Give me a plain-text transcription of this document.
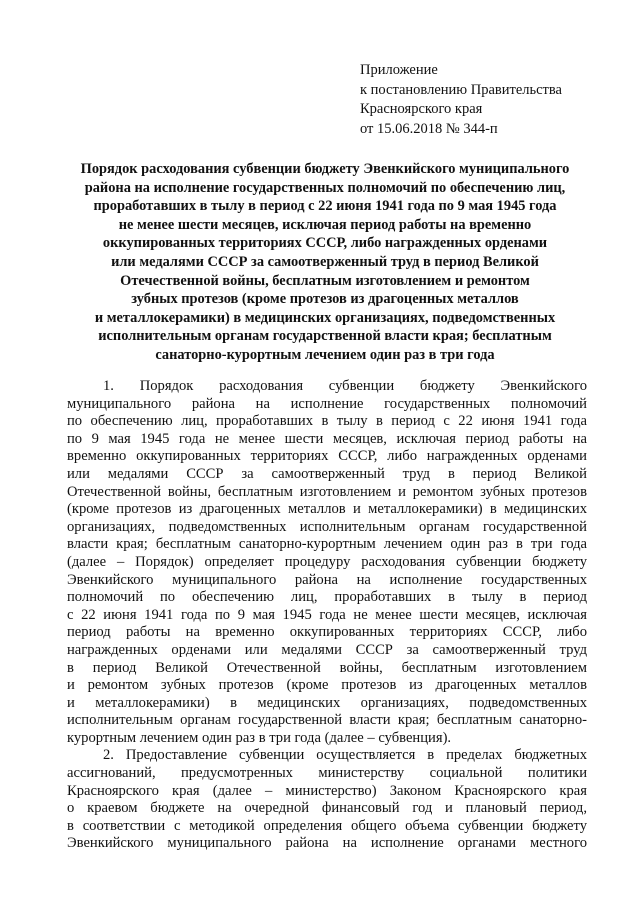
Приложение
к постановлению Правительства
Красноярского края
от 15.06.2018 № 344-п
Порядок расходования субвенции бюджету Эвенкийского муниципального
района на исполнение государственных полномочий по обеспечению лиц,
проработавших в тылу в период с 22 июня 1941 года по 9 мая 1945 года
не менее шести месяцев, исключая период работы на временно
оккупированных территориях СССР, либо награжденных орденами
или медалями СССР за самоотверженный труд в период Великой
Отечественной войны, бесплатным изготовлением и ремонтом
зубных протезов (кроме протезов из драгоценных металлов
и металлокерамики) в медицинских организациях, подведомственных
исполнительным органам государственной власти края; бесплатным
санаторно-курортным лечением один раз в три года
1. Порядок расходования субвенции бюджету Эвенкийского
муниципального района на исполнение государственных полномочий
по обеспечению лиц, проработавших в тылу в период с 22 июня 1941 года
по 9 мая 1945 года не менее шести месяцев, исключая период работы на
временно оккупированных территориях СССР, либо награжденных орденами
или медалями СССР за самоотверженный труд в период Великой
Отечественной войны, бесплатным изготовлением и ремонтом зубных протезов
(кроме протезов из драгоценных металлов и металлокерамики) в медицинских
организациях, подведомственных исполнительным органам государственной
власти края; бесплатным санаторно-курортным лечением один раз в три года
(далее – Порядок) определяет процедуру расходования субвенции бюджету
Эвенкийского муниципального района на исполнение государственных
полномочий по обеспечению лиц, проработавших в тылу в период
с 22 июня 1941 года по 9 мая 1945 года не менее шести месяцев, исключая
период работы на временно оккупированных территориях СССР, либо
награжденных орденами или медалями СССР за самоотверженный труд
в период Великой Отечественной войны, бесплатным изготовлением
и ремонтом зубных протезов (кроме протезов из драгоценных металлов
и металлокерамики) в медицинских организациях, подведомственных
исполнительным органам государственной власти края; бесплатным санаторно-
курортным лечением один раз в три года (далее – субвенция).
2. Предоставление субвенции осуществляется в пределах бюджетных
ассигнований, предусмотренных министерству социальной политики
Красноярского края (далее – министерство) Законом Красноярского края
о краевом бюджете на очередной финансовый год и плановый период,
в соответствии с методикой определения общего объема субвенции бюджету
Эвенкийского муниципального района на исполнение органами местного
